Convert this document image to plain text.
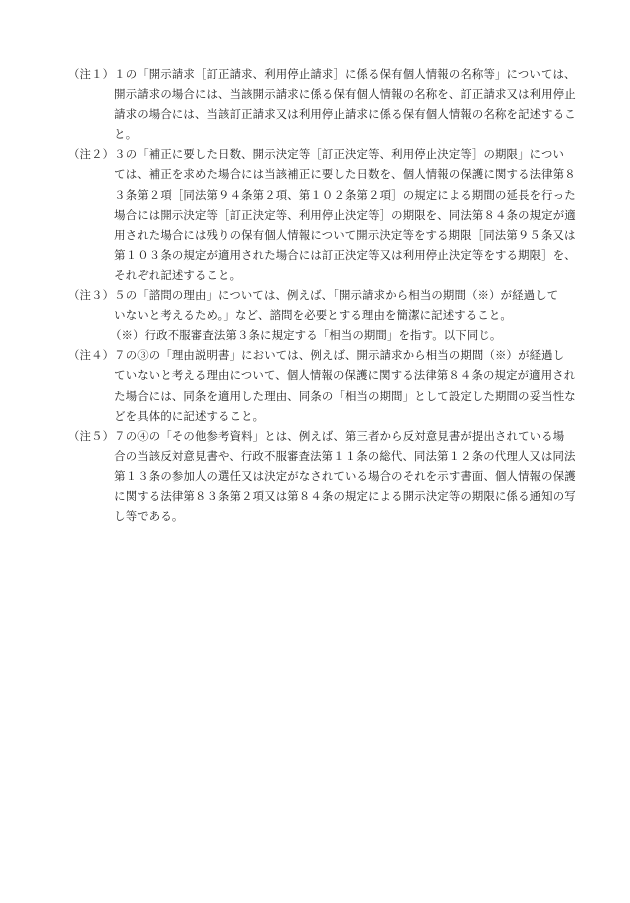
（注１） １の「開示請求［訂正請求、利用停止請求］に係る保有個人情報の名称等」については、
開示請求の場合には、当該開示請求に係る保有個人情報の名称を、訂正請求又は利用停止
請求の場合には、当該訂正請求又は利用停止請求に係る保有個人情報の名称を記述するこ
と。
（注２） ３の「補正に要した日数、開示決定等［訂正決定等、利用停止決定等］の期限」につい
ては、補正を求めた場合には当該補正に要した日数を、個人情報の保護に関する法律第８
３条第２項［同法第９４条第２項、第１０２条第２項］の規定による期間の延長を行った
場合には開示決定等［訂正決定等、利用停止決定等］の期限を、同法第８４条の規定が適
用された場合には残りの保有個人情報について開示決定等をする期限［同法第９５条又は
第１０３条の規定が適用された場合には訂正決定等又は利用停止決定等をする期限］を、
それぞれ記述すること。
（注３） ５の「諮問の理由」については、例えば、「開示請求から相当の期間（※）が経過して
いないと考えるため。」など、諮問を必要とする理由を簡潔に記述すること。
（※）行政不服審査法第３条に規定する「相当の期間」を指す。以下同じ。
（注４） ７の③の「理由説明書」においては、例えば、開示請求から相当の期間（※）が経過し
ていないと考える理由について、個人情報の保護に関する法律第８４条の規定が適用され
た場合には、同条を適用した理由、同条の「相当の期間」として設定した期間の妥当性な
どを具体的に記述すること。
（注５） ７の④の「その他参考資料」とは、例えば、第三者から反対意見書が提出されている場
合の当該反対意見書や、行政不服審査法第１１条の総代、同法第１２条の代理人又は同法
第１３条の参加人の選任又は決定がなされている場合のそれを示す書面、個人情報の保護
に関する法律第８３条第２項又は第８４条の規定による開示決定等の期限に係る通知の写
し等である。
